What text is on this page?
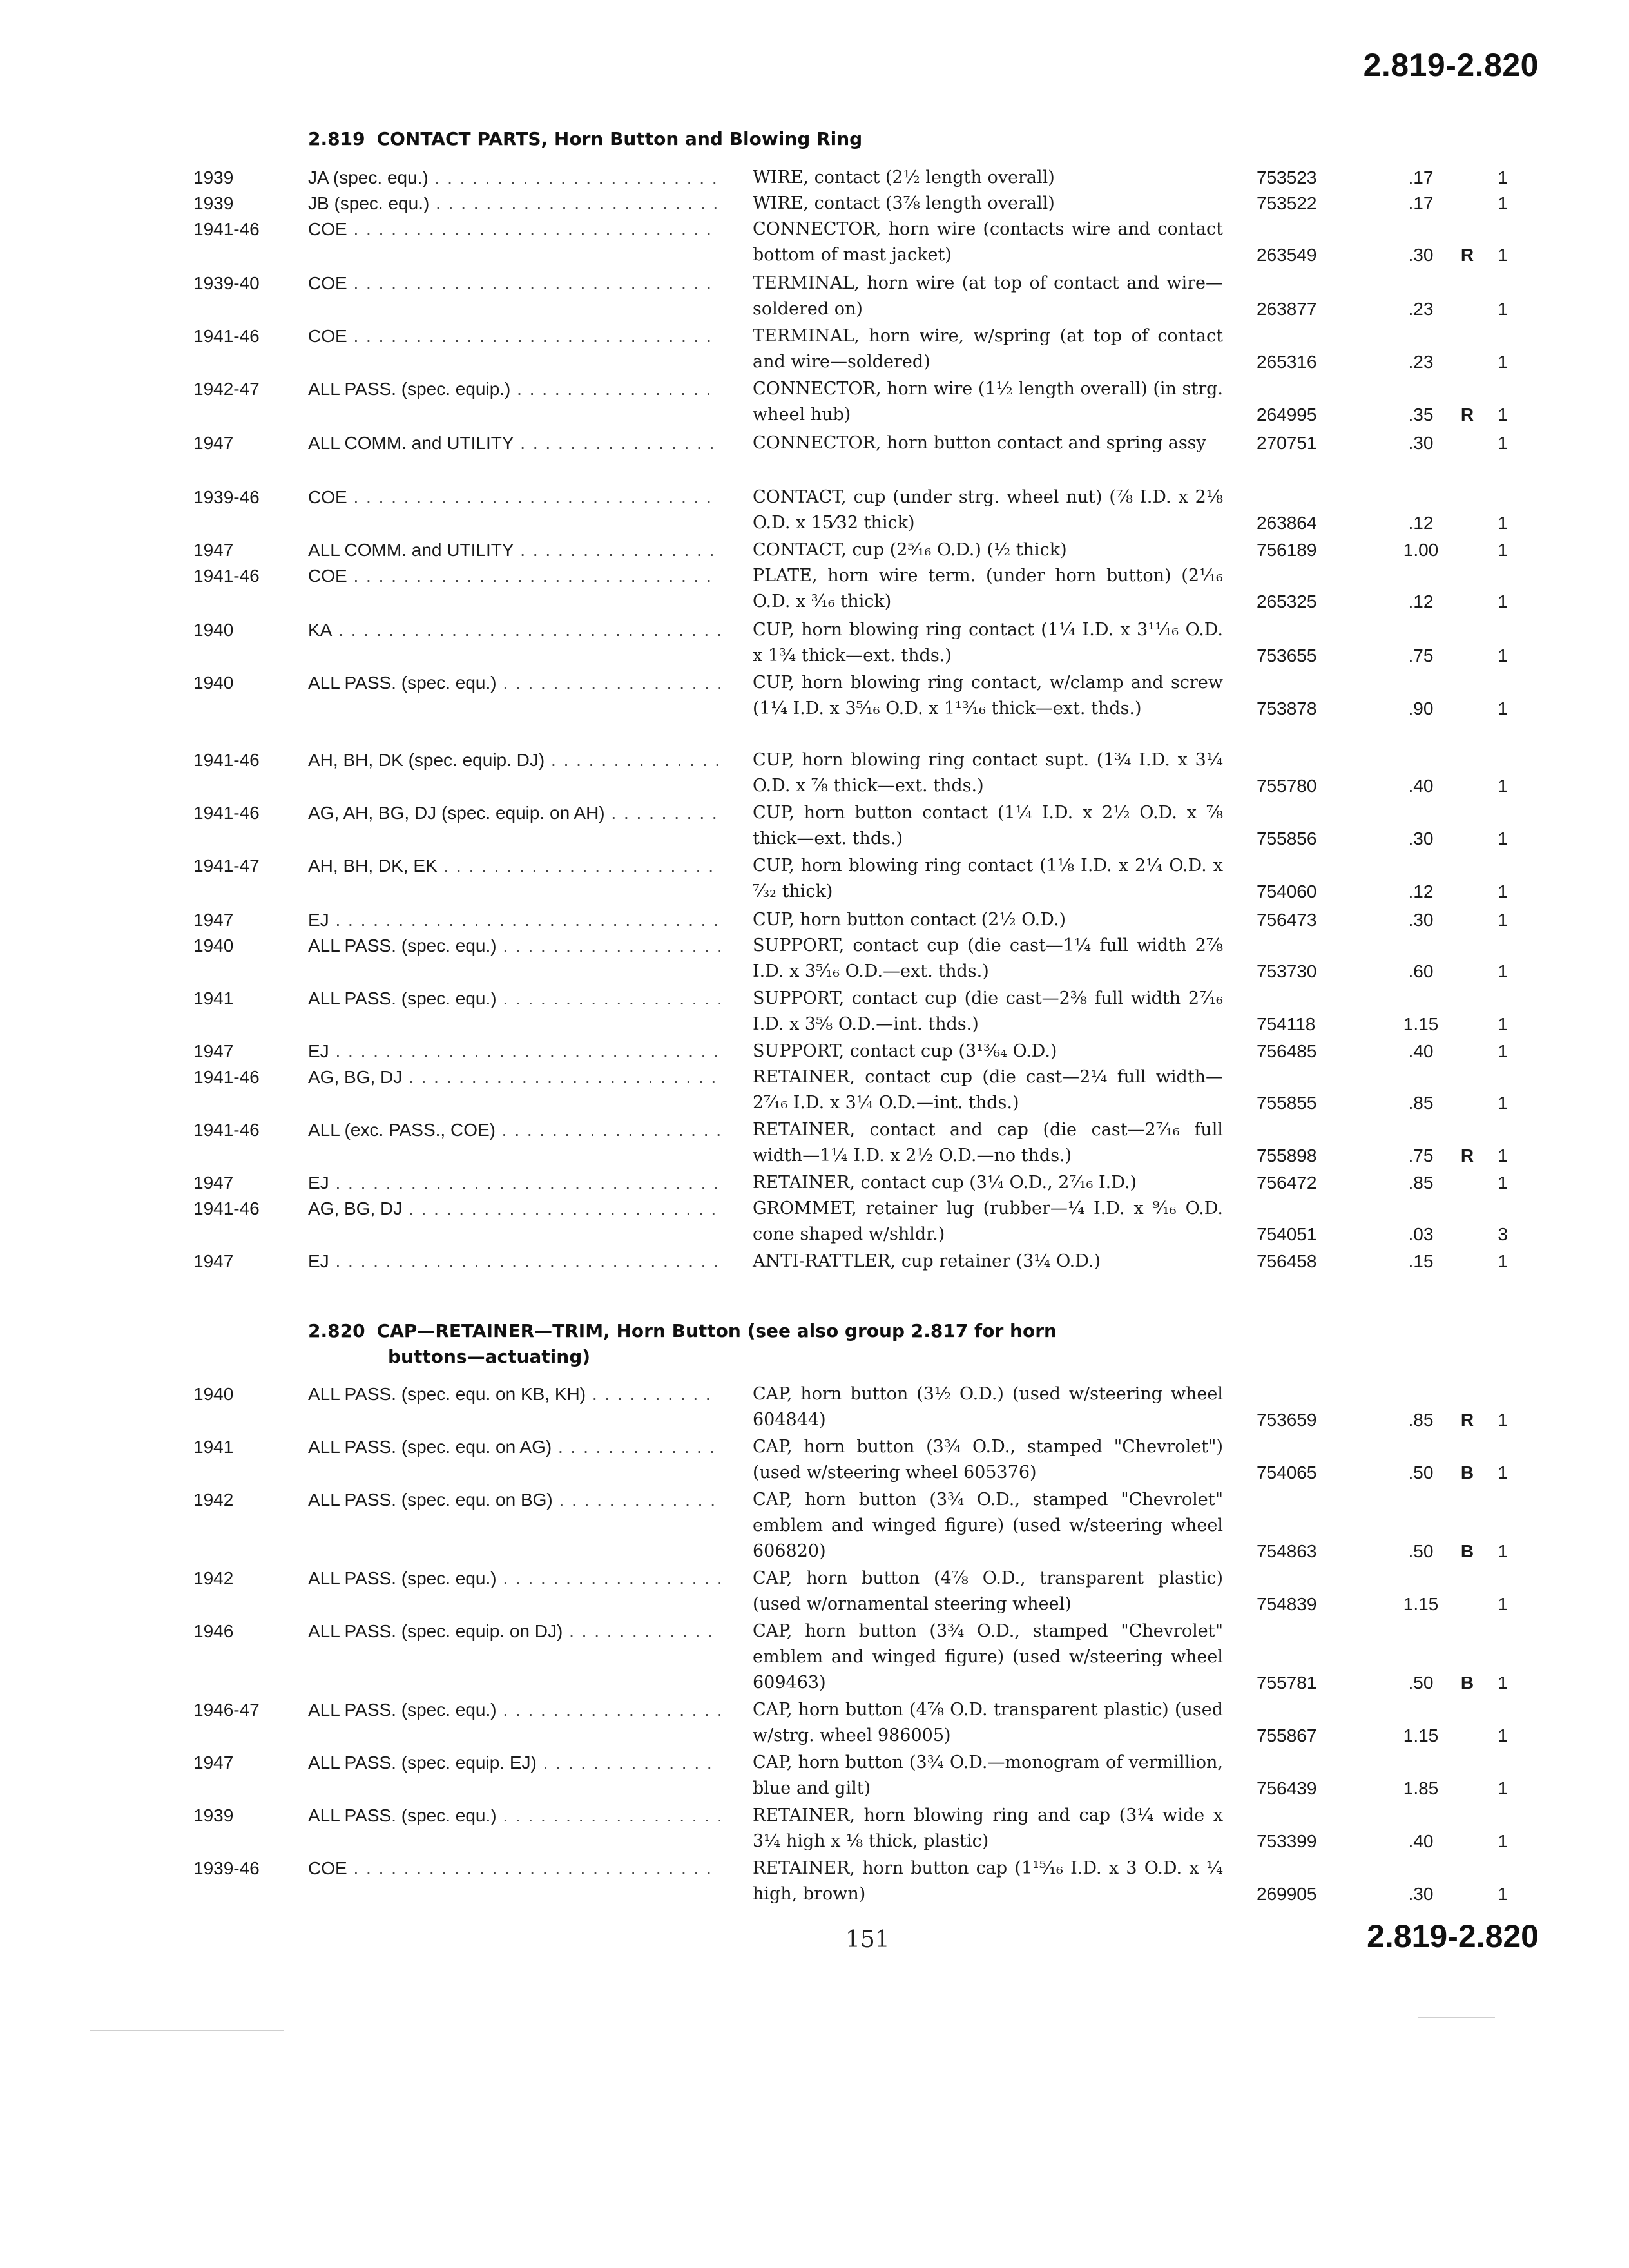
2.819-2.820
2.819 CONTACT PARTS, Horn Button and Blowing Ring
2.820 CAP—RETAINER—TRIM, Horn Button (see also group 2.817 for horn
buttons—actuating)
1939	JA (spec. equ.) . . .	WIRE, contact (2½ length overall)	753523	.17	1
1939	JB (spec. equ.) . . .	WIRE, contact (3⅞ length overall)	753522	.17	1
1941-46	COE . . .	CONNECTOR, horn wire (contacts wire and contact bottom of mast jacket)	263549	.30	R	1
1939-40	COE . . .	TERMINAL, horn wire (at top of contact and wire—soldered on)	263877	.23	1
1941-46	COE . . .	TERMINAL, horn wire, w/spring (at top of contact and wire—soldered)	265316	.23	1
1942-47	ALL PASS. (spec. equip.) . . .	CONNECTOR, horn wire (1½ length overall) (in strg. wheel hub)	264995	.35	R	1
1947	ALL COMM. and UTILITY . . .	CONNECTOR, horn button contact and spring assy	270751	.30	1
1939-46	COE . . .	CONTACT, cup (under strg. wheel nut) (⅞ I.D. x 2⅛ O.D. x 15⁄32 thick)	263864	.12	1
1947	ALL COMM. and UTILITY . . .	CONTACT, cup (2⁵⁄₁₆ O.D.) (½ thick)	756189	1.00	1
1941-46	COE . . .	PLATE, horn wire term. (under horn button) (2¹⁄₁₆ O.D. x ³⁄₁₆ thick)	265325	.12	1
1940	KA . . .	CUP, horn blowing ring contact (1¼ I.D. x 3¹¹⁄₁₆ O.D. x 1¾ thick—ext. thds.)	753655	.75	1
1940	ALL PASS. (spec. equ.) . . .	CUP, horn blowing ring contact, w/clamp and screw (1¼ I.D. x 3⁵⁄₁₆ O.D. x 1¹³⁄₁₆ thick—ext. thds.)	753878	.90	1
1941-46	AH, BH, DK (spec. equip. DJ) . . .	CUP, horn blowing ring contact supt. (1¾ I.D. x 3¼ O.D. x ⅞ thick—ext. thds.)	755780	.40	1
1941-46	AG, AH, BG, DJ (spec. equip. on AH) . . .	CUP, horn button contact (1¼ I.D. x 2½ O.D. x ⅞ thick—ext. thds.)	755856	.30	1
1941-47	AH, BH, DK, EK . . .	CUP, horn blowing ring contact (1⅛ I.D. x 2¼ O.D. x ⁷⁄₃₂ thick)	754060	.12	1
1947	EJ . . .	CUP, horn button contact (2½ O.D.)	756473	.30	1
1940	ALL PASS. (spec. equ.) . . .	SUPPORT, contact cup (die cast—1¼ full width 2⅞ I.D. x 3⁵⁄₁₆ O.D.—ext. thds.)	753730	.60	1
1941	ALL PASS. (spec. equ.) . . .	SUPPORT, contact cup (die cast—2⅜ full width 2⁷⁄₁₆ I.D. x 3⁵⁄₈ O.D.—int. thds.)	754118	1.15	1
1947	EJ . . .	SUPPORT, contact cup (3¹³⁄₆₄ O.D.)	756485	.40	1
1941-46	AG, BG, DJ . . .	RETAINER, contact cup (die cast—2¼ full width—2⁷⁄₁₆ I.D. x 3¼ O.D.—int. thds.)	755855	.85	1
1941-46	ALL (exc. PASS., COE) . . .	RETAINER, contact and cap (die cast—2⁷⁄₁₆ full width—1¼ I.D. x 2½ O.D.—no thds.)	755898	.75	R	1
1947	EJ . . .	RETAINER, contact cup (3¼ O.D., 2⁷⁄₁₆ I.D.)	756472	.85	1
1941-46	AG, BG, DJ . . .	GROMMET, retainer lug (rubber—¼ I.D. x ⁹⁄₁₆ O.D. cone shaped w/shldr.)	754051	.03	3
1947	EJ . . .	ANTI-RATTLER, cup retainer (3¼ O.D.)	756458	.15	1
1940	ALL PASS. (spec. equ. on KB, KH) . . .	CAP, horn button (3½ O.D.) (used w/steering wheel 604844)	753659	.85	R	1
1941	ALL PASS. (spec. equ. on AG) . . .	CAP, horn button (3¾ O.D., stamped "Chevrolet") (used w/steering wheel 605376)	754065	.50	B	1
1942	ALL PASS. (spec. equ. on BG) . . .	CAP, horn button (3¾ O.D., stamped "Chevrolet" emblem and winged figure) (used w/steering wheel 606820)	754863	.50	B	1
1942	ALL PASS. (spec. equ.) . . .	CAP, horn button (4⅞ O.D., transparent plastic) (used w/ornamental steering wheel)	754839	1.15	1
1946	ALL PASS. (spec. equip. on DJ) . . .	CAP, horn button (3¾ O.D., stamped "Chevrolet" emblem and winged figure) (used w/steering wheel 609463)	755781	.50	B	1
1946-47	ALL PASS. (spec. equ.) . . .	CAP, horn button (4⅞ O.D. transparent plastic) (used w/strg. wheel 986005)	755867	1.15	1
1947	ALL PASS. (spec. equip. EJ) . . .	CAP, horn button (3¾ O.D.—monogram of vermillion, blue and gilt)	756439	1.85	1
1939	ALL PASS. (spec. equ.) . . .	RETAINER, horn blowing ring and cap (3¼ wide x 3¼ high x ⅛ thick, plastic)	753399	.40	1
1939-46	COE . . .	RETAINER, horn button cap (1¹⁵⁄₁₆ I.D. x 3 O.D. x ¼ high, brown)	269905	.30	1
151	2.819-2.820
